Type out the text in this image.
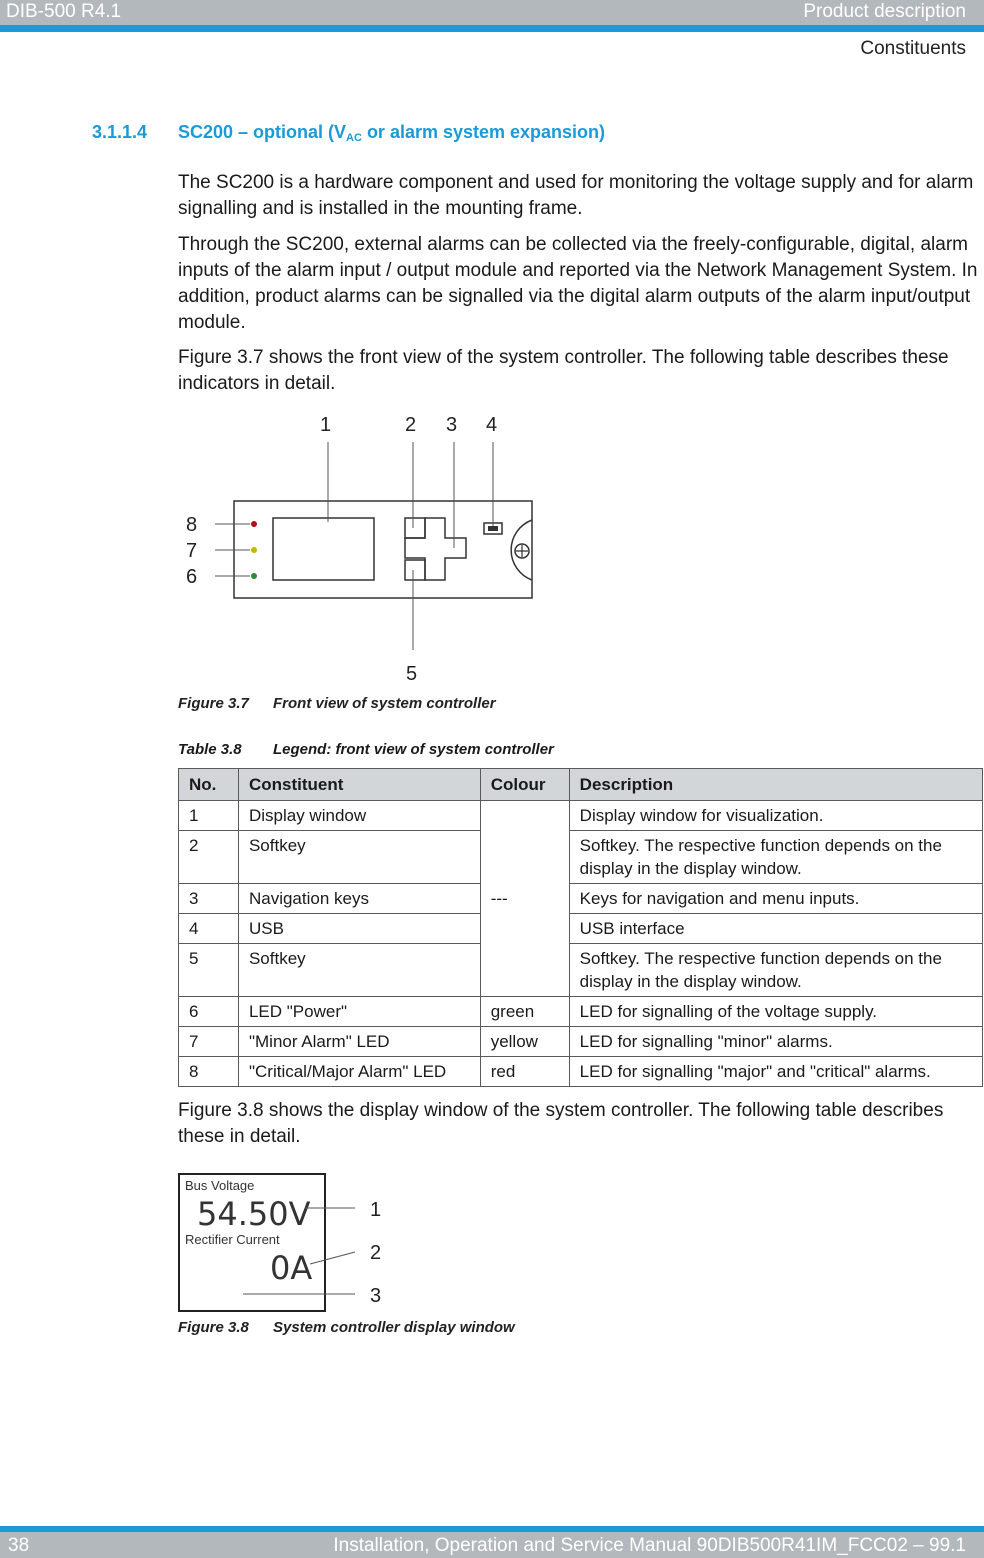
DIB-500 R4.1	Product description
Constituents
3.1.1.4 SC200 – optional ($V_{AC}$ or alarm system expansion)

The SC200 is a hardware component and used for monitoring the voltage supply and for alarm signalling and is installed in the mounting frame.

Through the SC200, external alarms can be collected via the freely-configurable, digital, alarm inputs of the alarm input / output module and reported via the Network Management System. In addition, product alarms can be signalled via the digital alarm outputs of the alarm input/output module.

Figure 3.7 shows the front view of the system controller. The following table describes these indicators in detail.

1	2 3 4
5
6
7
8
Figure 3.7 Front view of system controller
Table 3.8 Legend: front view of system controller
No.	Constituent	Colour	Description
1	Display window	---	Display window for visualization.
2	Softkey		Softkey. The respective function depends on the display in the display window.
3	Navigation keys		Keys for navigation and menu inputs.
4	USB		USB interface
5	Softkey		Softkey. The respective function depends on the display in the display window.
6	LED "Power"	green	LED for signalling of the voltage supply.
7	"Minor Alarm" LED	yellow	LED for signalling "minor" alarms.
8	"Critical/Major Alarm" LED	red	LED for signalling "major" and "critical" alarms.

Figure 3.8 shows the display window of the system controller. The following table describes these in detail.

Bus Voltage
54.50V
Rectifier Current
0A
1
2
3
Figure 3.8 System controller display window
38	Installation, Operation and Service Manual 90DIB500R41IM_FCC02 – 99.1
